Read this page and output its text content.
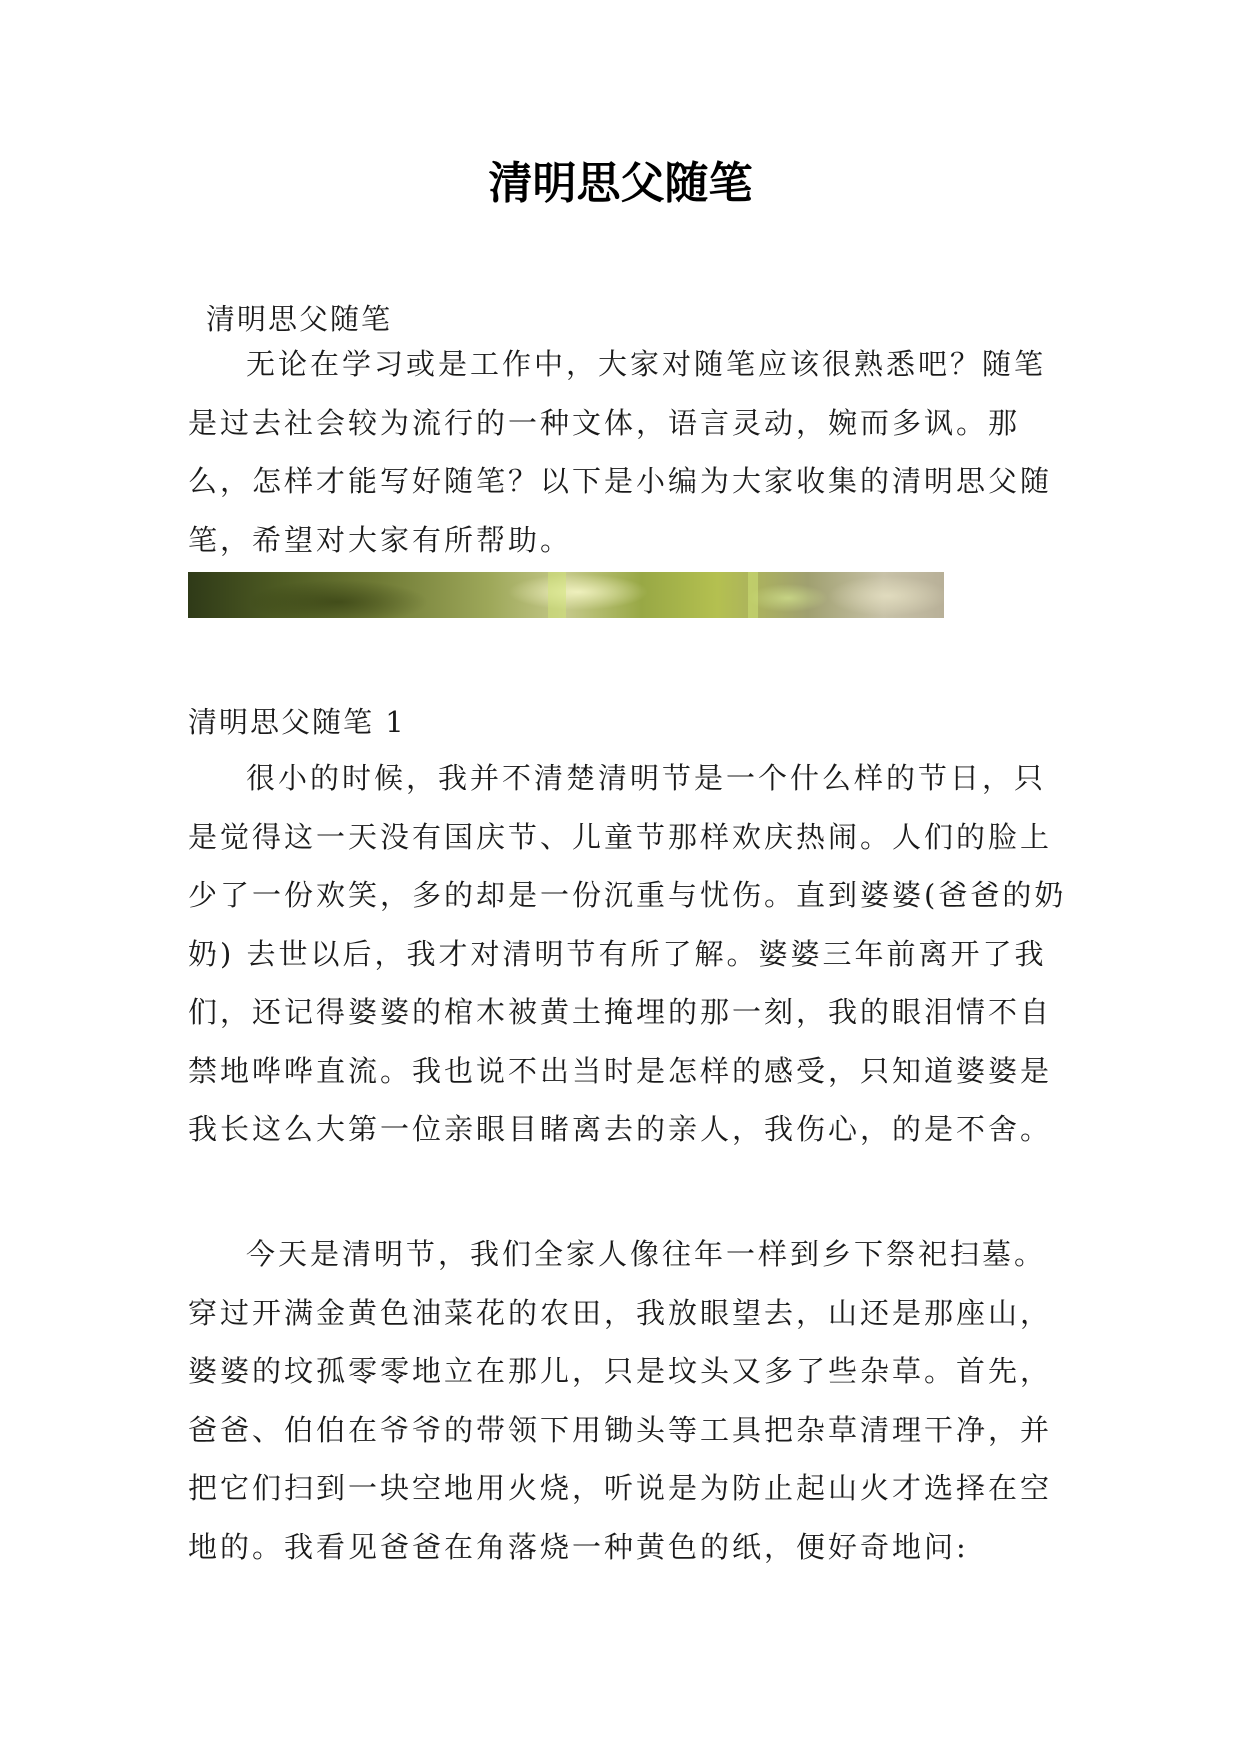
清明思父随笔

清明思父随笔

无论在学习或是工作中，大家对随笔应该很熟悉吧？随笔是过去社会较为流行的一种文体，语言灵动，婉而多讽。那么，怎样才能写好随笔？以下是小编为大家收集的清明思父随笔，希望对大家有所帮助。

清明思父随笔 1

很小的时候，我并不清楚清明节是一个什么样的节日，只是觉得这一天没有国庆节、儿童节那样欢庆热闹。人们的脸上少了一份欢笑，多的却是一份沉重与忧伤。直到婆婆(爸爸的奶奶) 去世以后，我才对清明节有所了解。婆婆三年前离开了我们，还记得婆婆的棺木被黄土掩埋的那一刻，我的眼泪情不自禁地哗哗直流。我也说不出当时是怎样的感受，只知道婆婆是我长这么大第一位亲眼目睹离去的亲人，我伤心，的是不舍。

今天是清明节，我们全家人像往年一样到乡下祭祀扫墓。穿过开满金黄色油菜花的农田，我放眼望去，山还是那座山，婆婆的坟孤零零地立在那儿，只是坟头又多了些杂草。首先，爸爸、伯伯在爷爷的带领下用锄头等工具把杂草清理干净，并把它们扫到一块空地用火烧，听说是为防止起山火才选择在空地的。我看见爸爸在角落烧一种黄色的纸，便好奇地问:
